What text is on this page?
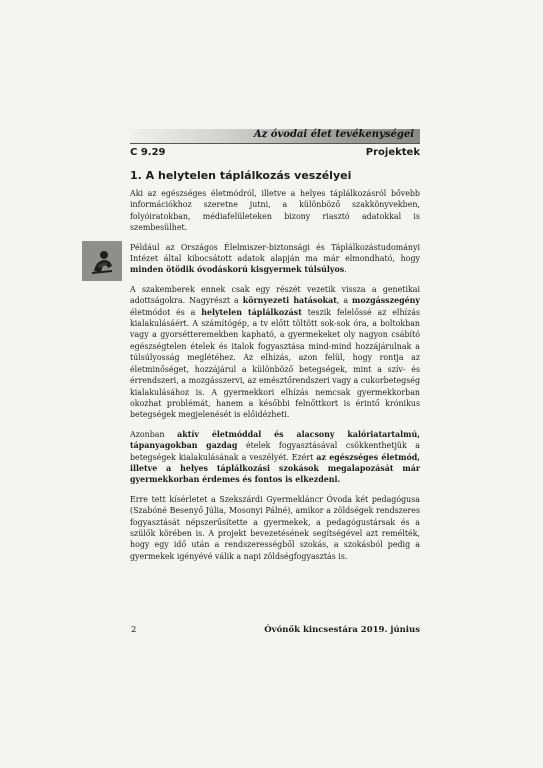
Az óvodai élet tevékenységei
C 9.29	Projektek
1. A helytelen táplálkozás veszélyei

Aki az egészséges életmódról, illetve a helyes táplálkozásról bővebb információkhoz szeretne jutni, a különböző szakkönyvekben, folyóiratokban, médiafelületeken bizony riasztó adatokkal is szembesülhet.

Például az Országos Élelmiszer-biztonsági és Táplálkozástudományi Intézet által kibocsátott adatok alapján ma már elmondható, hogy minden ötödik óvodáskorú kisgyermek túlsúlyos.

A szakemberek ennek csak egy részét vezetik vissza a genetikai adottságokra. Nagyrészt a környezeti hatásokat, a mozgásszegény életmódot és a helytelen táplálkozást teszik felelőssé az elhízás kialakulásáért. A számítógép, a tv előtt töltött sok-sok óra, a boltokban vagy a gyorsétteremekben kapható, a gyermekeket oly nagyon csábító egészségtelen ételek és italok fogyasztása mind-mind hozzájárulnak a túlsúlyosság meglétéhez. Az elhízás, azon felül, hogy rontja az életminőséget, hozzájárul a különböző betegségek, mint a szív- és érrendszeri, a mozgásszervi, az emésztőrendszeri vagy a cukorbetegség kialakulásához is. A gyermekkori elhízás nemcsak gyermekkorban okozhat problémát, hanem a későbbi felnőttkort is érintő krónikus betegségek megjelenését is előidézheti.

Azonban aktív életmóddal és alacsony kalóriatartalmú, tápanyagokban gazdag ételek fogyasztásával csökkenthetjük a betegségek kialakulásának a veszélyét. Ezért az egészséges életmód, illetve a helyes táplálkozási szokások megalapozását már gyermekkorban érdemes és fontos is elkezdeni.

Erre tett kísérletet a Szekszárdi Gyermekláncr Óvoda két pedagógusa (Szabóné Besenyő Júlia, Mosonyi Pálné), amikor a zöldségek rendszeres fogyasztását népszerűsítette a gyermekek, a pedagógustársak és a szülők körében is. A projekt bevezetésének segítségével azt remélték, hogy egy idő után a rendszerességből szokás, a szokásból pedig a gyermekek igényévé válik a napi zöldségfogyasztás is.

2	Óvónők kincsestára 2019. június
